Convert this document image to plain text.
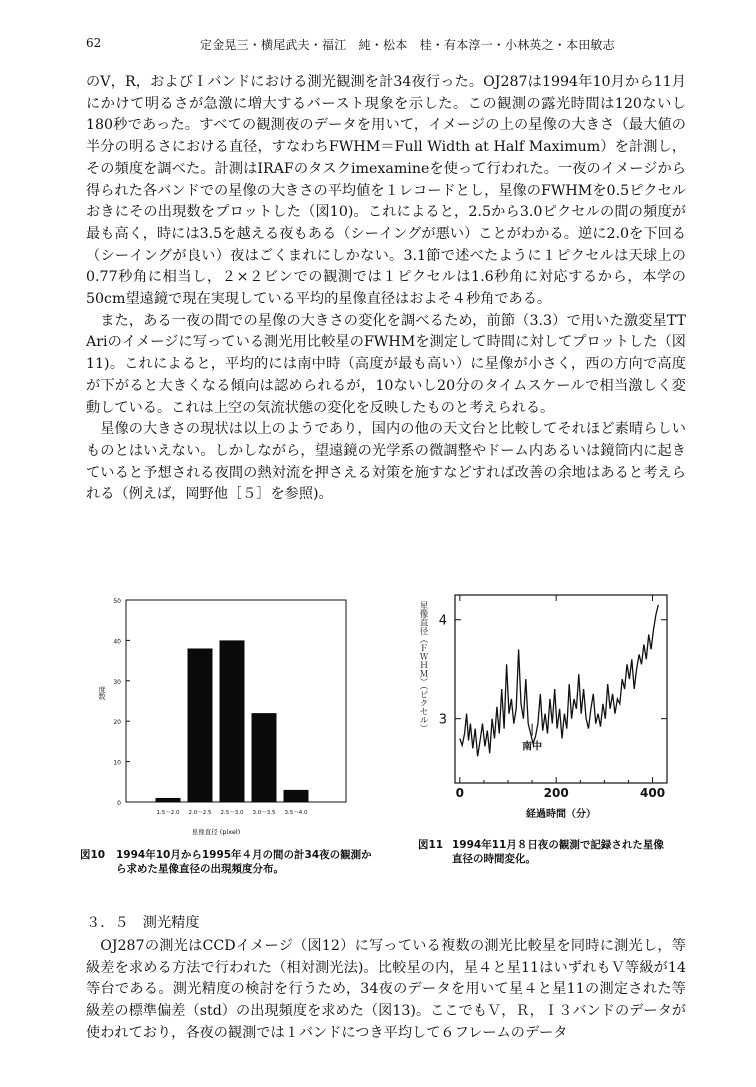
62	定金晃三・横尾武夫・福江　純・松本　桂・有本淳一・小林英之・本田敏志

のV，R，およびＩバンドにおける測光観測を計34夜行った。OJ287は1994年10月から11月にかけて明るさが急激に増大するバースト現象を示した。この観測の露光時間は120ないし180秒であった。すべての観測夜のデータを用いて，イメージの上の星像の大きさ（最大値の半分の明るさにおける直径，すなわちFWHM＝Full Width at Half Maximum）を計測し，その頻度を調べた。計測はIRAFのタスクimexamineを使って行われた。一夜のイメージから得られた各バンドでの星像の大きさの平均値を１レコードとし，星像のFWHMを0.5ピクセルおきにその出現数をプロットした（図10)。これによると，2.5から3.0ピクセルの間の頻度が最も高く，時には3.5を越える夜もある（シーイングが悪い）ことがわかる。逆に2.0を下回る（シーイングが良い）夜はごくまれにしかない。3.1節で述べたように１ピクセルは天球上の0.77秒角に相当し，２×２ビンでの観測では１ピクセルは1.6秒角に対応するから，本学の50cm望遠鏡で現在実現している平均的星像直径はおよそ４秒角である。

また，ある一夜の間での星像の大きさの変化を調べるため，前節（3.3）で用いた激変星TT Ariのイメージに写っている測光用比較星のFWHMを測定して時間に対してプロットした（図11)。これによると，平均的には南中時（高度が最も高い）に星像が小さく，西の方向で高度が下がると大きくなる傾向は認められるが，10ないし20分のタイムスケールで相当激しく変動している。これは上空の気流状態の変化を反映したものと考えられる。

星像の大きさの現状は以上のようであり，国内の他の天文台と比較してそれほど素晴らしいものとはいえない。しかしながら，望遠鏡の光学系の微調整やドーム内あるいは鏡筒内に起きていると予想される夜間の熱対流を押さえる対策を施すなどすれば改善の余地はあると考えられる（例えば，岡野他［５］を参照)。

0
10
20
30
40
50
1.5～2.0 2.0～2.5 2.5～3.0 3.0～3.5 3.5～4.0
星像直径 (pixel)
度数
図10 1994年10月から1995年４月の間の計34夜の観測から求めた星像直径の出現頻度分布。
0	200	400
3
4
南中
経過時間（分）
星像直径（ＦＷＨＭ）（ピクセル）
図11 1994年11月８日夜の観測で記録された星像直径の時間変化。
３．５　測光精度

OJ287の測光はCCDイメージ（図12）に写っている複数の測光比較星を同時に測光し，等級差を求める方法で行われた（相対測光法)。比較星の内，星４と星11はいずれもＶ等級が14等台である。測光精度の検討を行うため，34夜のデータを用いて星４と星11の測定された等級差の標準偏差（std）の出現頻度を求めた（図13)。ここでもＶ，Ｒ，Ｉ３バンドのデータが使われており，各夜の観測では１バンドにつき平均して６フレームのデータ
